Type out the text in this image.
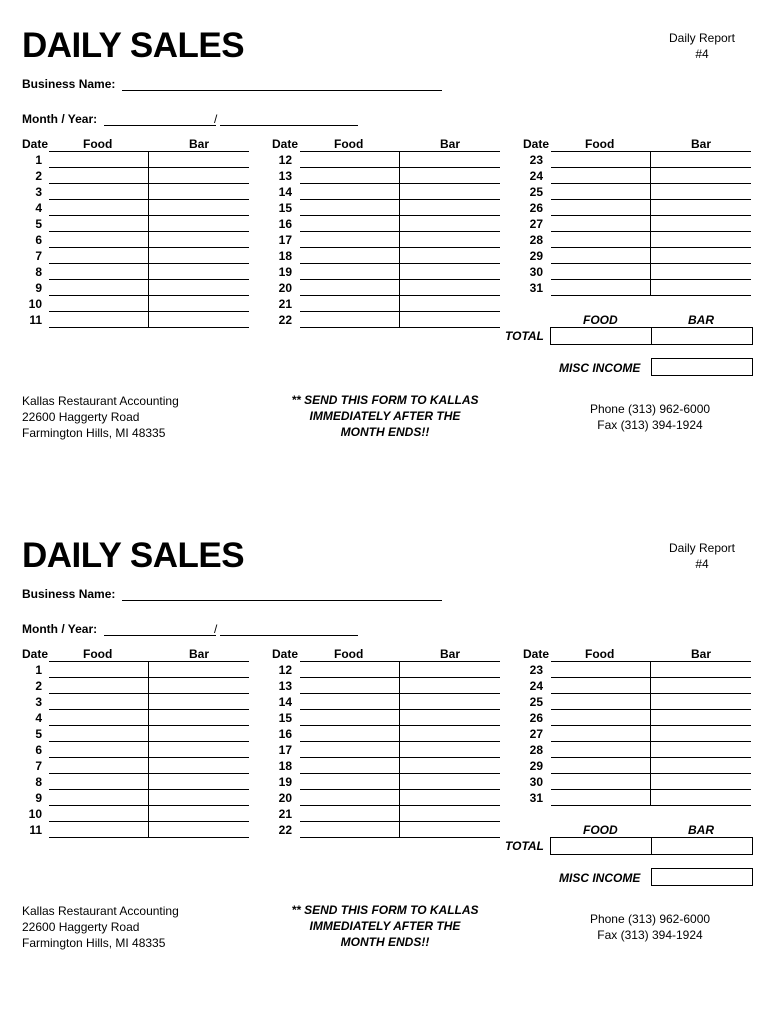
DAILY SALES	Daily Report
#4
Business Name:
Month / Year:	/
Date	Food	Bar
1
2
3
4
5
6
7
8
9
10
11
Date	Food	Bar
12
13
14
15
16
17
18
19
20
21
22
Date	Food	Bar
23
24
25
26
27
28
29
30
31
FOOD	BAR
TOTAL
MISC INCOME
Kallas Restaurant Accounting
22600 Haggerty Road
Farmington Hills, MI 48335
** SEND THIS FORM TO KALLAS
IMMEDIATELY AFTER THE
MONTH ENDS!!
Phone (313) 962-6000
Fax (313) 394-1924
DAILY SALES	Daily Report
#4
Business Name:
Month / Year:	/
Date	Food	Bar
1
2
3
4
5
6
7
8
9
10
11
Date	Food	Bar
12
13
14
15
16
17
18
19
20
21
22
Date	Food	Bar
23
24
25
26
27
28
29
30
31
FOOD	BAR
TOTAL
MISC INCOME
Kallas Restaurant Accounting
22600 Haggerty Road
Farmington Hills, MI 48335
** SEND THIS FORM TO KALLAS
IMMEDIATELY AFTER THE
MONTH ENDS!!
Phone (313) 962-6000
Fax (313) 394-1924
